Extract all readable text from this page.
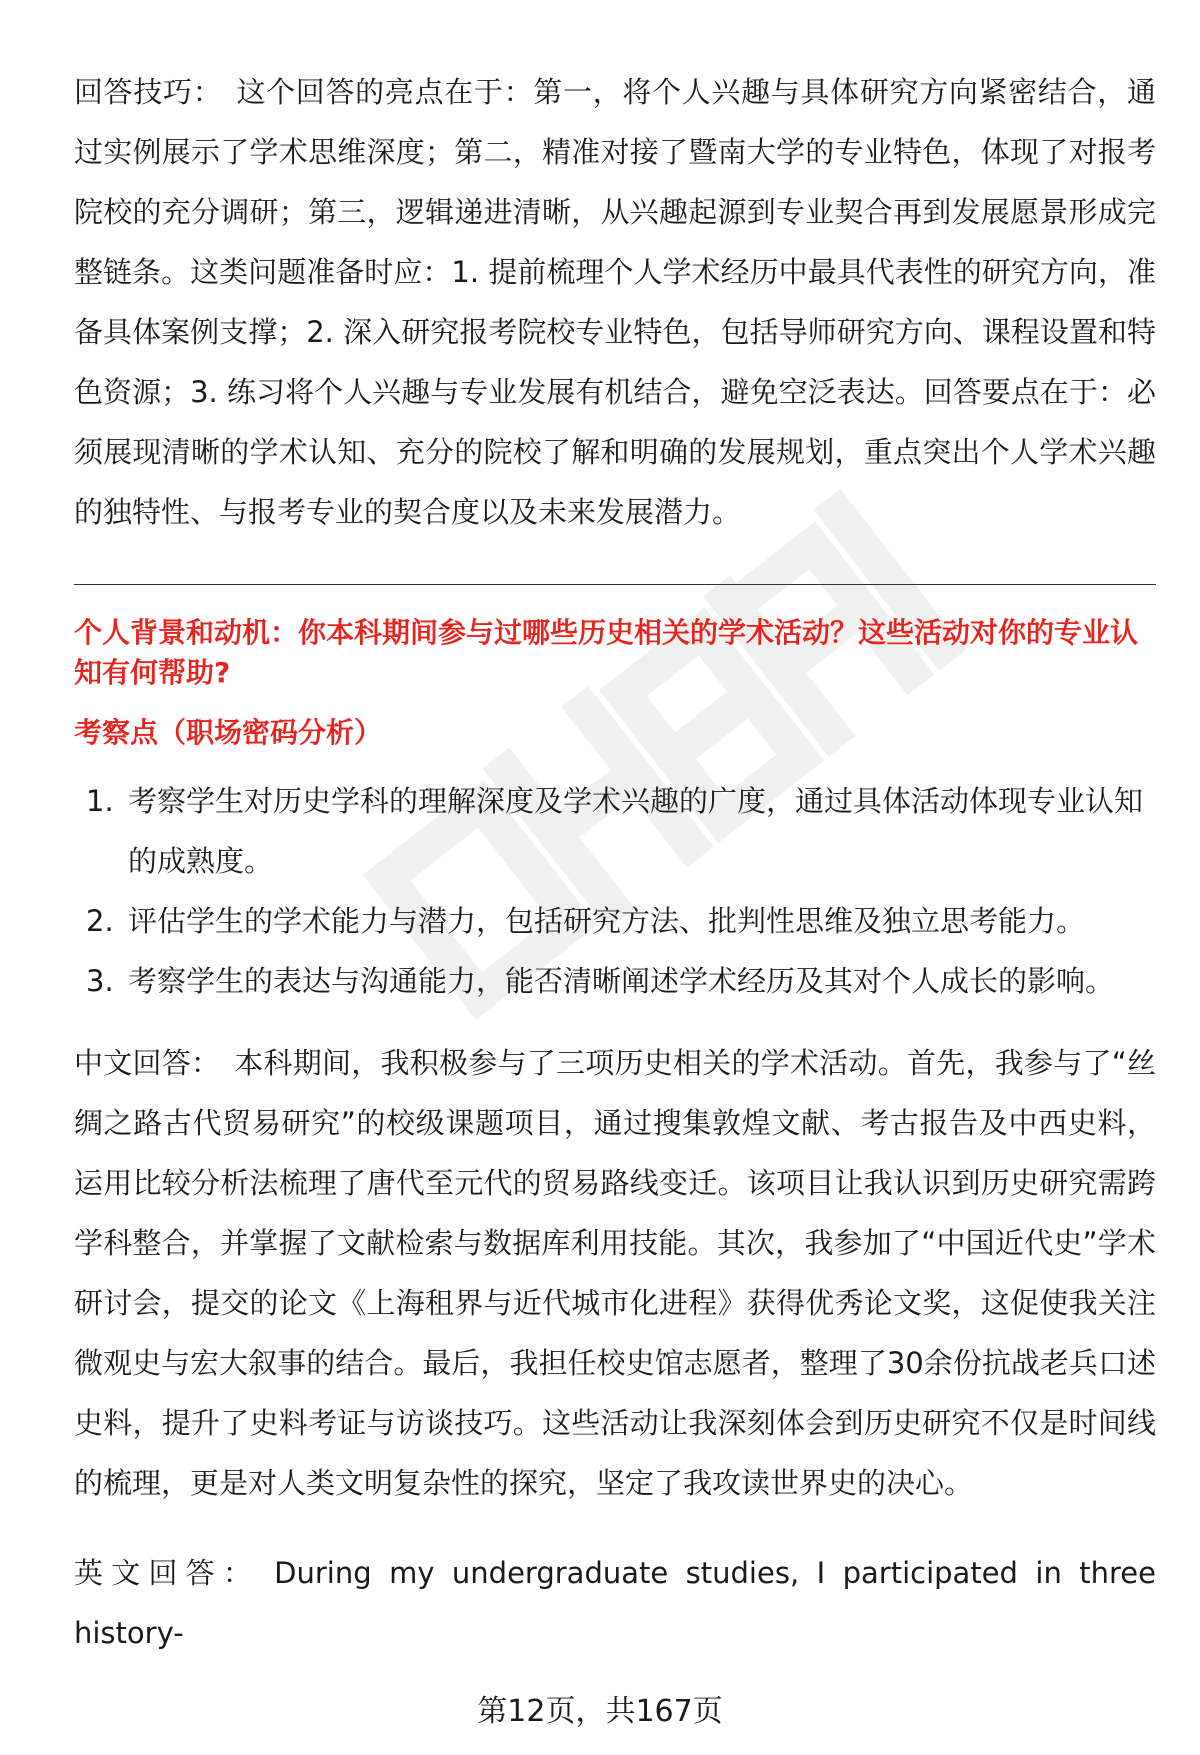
回答技巧： 这个回答的亮点在于：第一，将个人兴趣与具体研究方向紧密结合，通过实例展示了学术思维深度；第二，精准对接了暨南大学的专业特色，体现了对报考院校的充分调研；第三，逻辑递进清晰，从兴趣起源到专业契合再到发展愿景形成完整链条。这类问题准备时应：1. 提前梳理个人学术经历中最具代表性的研究方向，准备具体案例支撑；2. 深入研究报考院校专业特色，包括导师研究方向、课程设置和特色资源；3. 练习将个人兴趣与专业发展有机结合，避免空泛表达。回答要点在于：必须展现清晰的学术认知、充分的院校了解和明确的发展规划，重点突出个人学术兴趣的独特性、与报考专业的契合度以及未来发展潜力。

个人背景和动机：你本科期间参与过哪些历史相关的学术活动？这些活动对你的专业认知有何帮助?

考察点（职场密码分析）

1. 考察学生对历史学科的理解深度及学术兴趣的广度，通过具体活动体现专业认知的成熟度。
2. 评估学生的学术能力与潜力，包括研究方法、批判性思维及独立思考能力。
3. 考察学生的表达与沟通能力，能否清晰阐述学术经历及其对个人成长的影响。

中文回答： 本科期间，我积极参与了三项历史相关的学术活动。首先，我参与了“丝绸之路古代贸易研究”的校级课题项目，通过搜集敦煌文献、考古报告及中西史料，运用比较分析法梳理了唐代至元代的贸易路线变迁。该项目让我认识到历史研究需跨学科整合，并掌握了文献检索与数据库利用技能。其次，我参加了“中国近代史”学术研讨会，提交的论文《上海租界与近代城市化进程》获得优秀论文奖，这促使我关注微观史与宏大叙事的结合。最后，我担任校史馆志愿者，整理了30余份抗战老兵口述史料，提升了史料考证与访谈技巧。这些活动让我深刻体会到历史研究不仅是时间线的梳理，更是对人类文明复杂性的探究，坚定了我攻读世界史的决心。

英文回答： During my undergraduate studies, I participated in three history-

第12页，共167页
